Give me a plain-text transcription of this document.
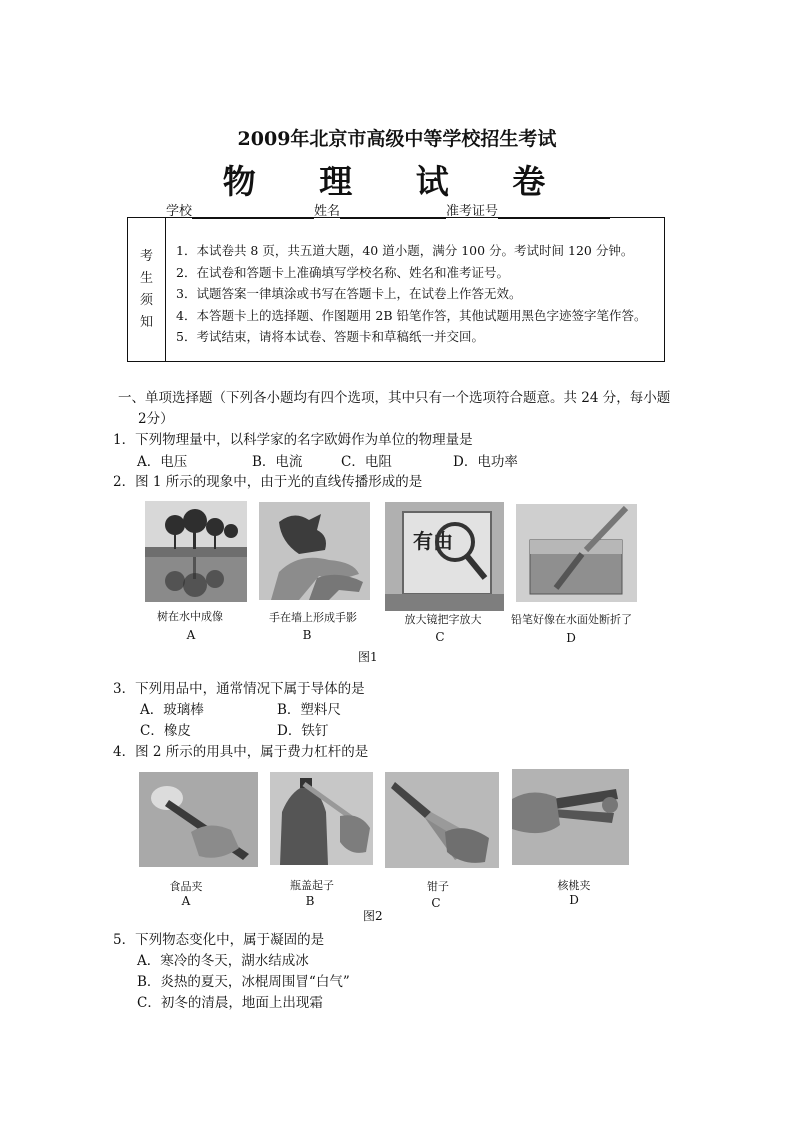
2009年北京市高级中等学校招生考试
物 理 试 卷
学校	姓名	准考证号
考
生
须
知
1．本试卷共 8 页，共五道大题，40 道小题，满分 100 分。考试时间 120 分钟。
2．在试卷和答题卡上准确填写学校名称、姓名和准考证号。
3．试题答案一律填涂或书写在答题卡上，在试卷上作答无效。
4．本答题卡上的选择题、作图题用 2B 铅笔作答，其他试题用黑色字迹签字笔作答。
5．考试结束，请将本试卷、答题卡和草稿纸一并交回。
一、单项选择题（下列各小题均有四个选项，其中只有一个选项符合题意。共 24 分，每小题
2分）
1．下列物理量中，以科学家的名字欧姆作为单位的物理量是
A．电压	B．电流	C．电阻	D．电功率
2．图 1 所示的现象中，由于光的直线传播形成的是
有由
树在水中成像	手在墙上形成手影	放大镜把字放大	铅笔好像在水面处断折了
A	B	C	D
图1
3．下列用品中，通常情况下属于导体的是
A．玻璃棒	B．塑料尺
C．橡皮	D．铁钉
4．图 2 所示的用具中，属于费力杠杆的是
食品夹	瓶盖起子	钳子	核桃夹
A	B	C	D
图2
5．下列物态变化中，属于凝固的是
A．寒冷的冬天，湖水结成冰
B．炎热的夏天，冰棍周围冒“白气”
C．初冬的清晨，地面上出现霜
